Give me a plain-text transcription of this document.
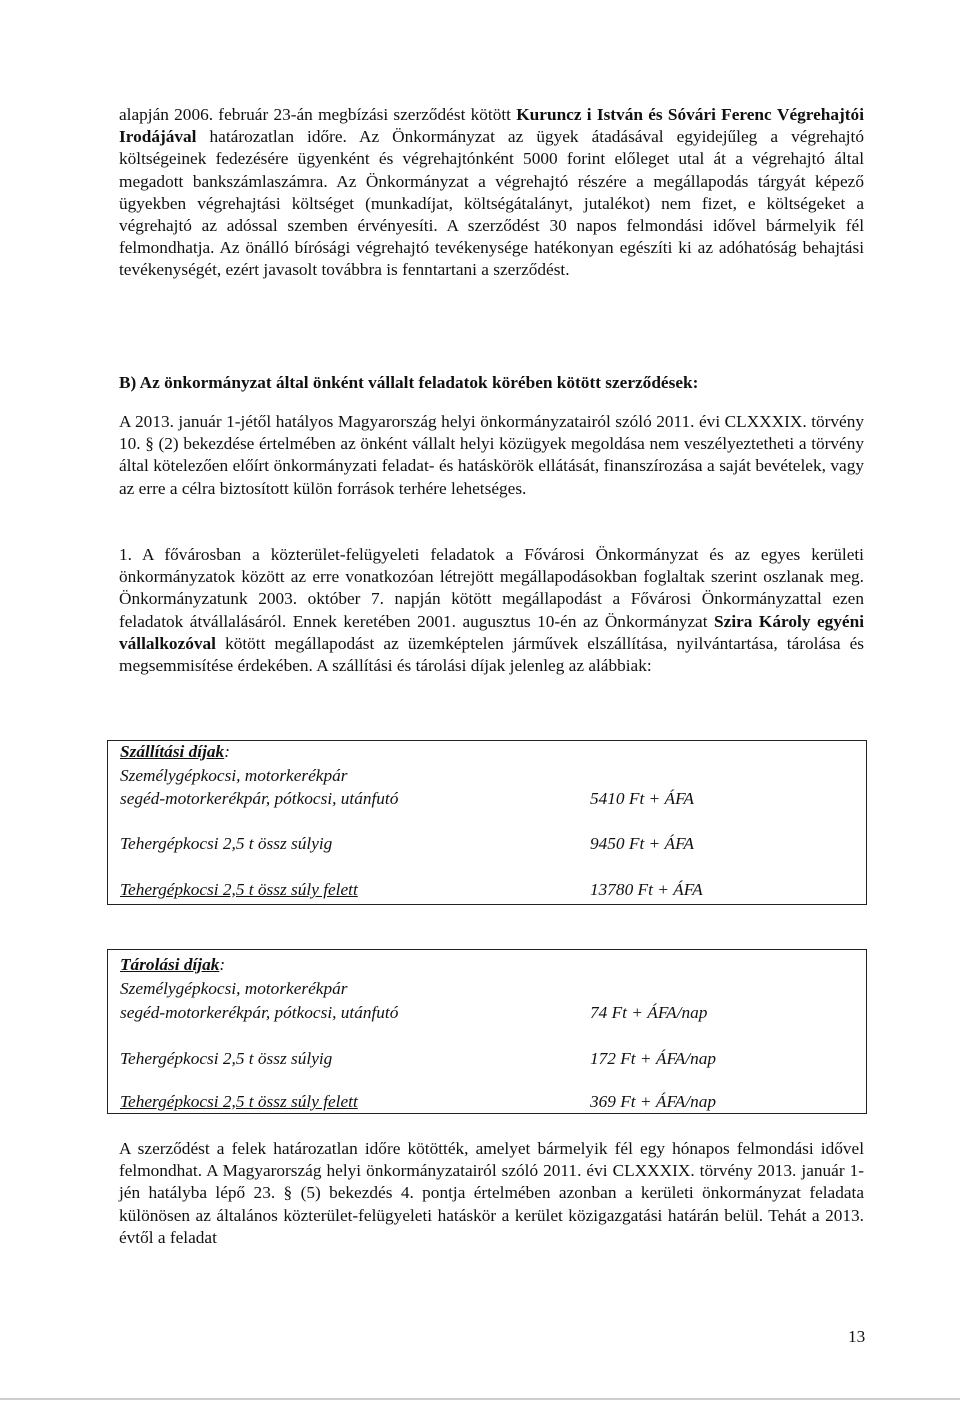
alapján 2006. február 23-án megbízási szerződést kötött Kuruncz i István és Sóvári Ferenc Végrehajtói Irodájával határozatlan időre. Az Önkormányzat az ügyek átadásával egyidejűleg a végrehajtó költségeinek fedezésére ügyenként és végrehajtónként 5000 forint előleget utal át a végrehajtó által megadott bankszámlaszámra. Az Önkormányzat a végrehajtó részére a megállapodás tárgyát képező ügyekben végrehajtási költséget (munkadíjat, költségátalányt, jutalékot) nem fizet, e költségeket a végrehajtó az adóssal szemben érvényesíti. A szerződést 30 napos felmondási idővel bármelyik fél felmondhatja. Az önálló bírósági végrehajtó tevékenysége hatékonyan egészíti ki az adóhatóság behajtási tevékenységét, ezért javasolt továbbra is fenntartani a szerződést.

B) Az önkormányzat által önként vállalt feladatok körében kötött szerződések:

A 2013. január 1-jétől hatályos Magyarország helyi önkormányzatairól szóló 2011. évi CLXXXIX. törvény 10. § (2) bekezdése értelmében az önként vállalt helyi közügyek megoldása nem veszélyeztetheti a törvény által kötelezően előírt önkormányzati feladat- és hatáskörök ellátását, finanszírozása a saját bevételek, vagy az erre a célra biztosított külön források terhére lehetséges.

1. A fővárosban a közterület-felügyeleti feladatok a Fővárosi Önkormányzat és az egyes kerületi önkormányzatok között az erre vonatkozóan létrejött megállapodásokban foglaltak szerint oszlanak meg. Önkormányzatunk 2003. október 7. napján kötött megállapodást a Fővárosi Önkormányzattal ezen feladatok átvállalásáról. Ennek keretében 2001. augusztus 10-én az Önkormányzat Szira Károly egyéni vállalkozóval kötött megállapodást az üzemképtelen járművek elszállítása, nyilvántartása, tárolása és megsemmisítése érdekében. A szállítási és tárolási díjak jelenleg az alábbiak:

Szállítási díjak:
Személygépkocsi, motorkerékpár
segéd-motorkerékpár, pótkocsi, utánfutó	5410 Ft + ÁFA
Tehergépkocsi 2,5 t össz súlyig	9450 Ft + ÁFA
Tehergépkocsi 2,5 t össz súly felett	13780 Ft + ÁFA
Tárolási díjak:
Személygépkocsi, motorkerékpár
segéd-motorkerékpár, pótkocsi, utánfutó	74 Ft + ÁFA/nap
Tehergépkocsi 2,5 t össz súlyig	172 Ft + ÁFA/nap
Tehergépkocsi 2,5 t össz súly felett	369 Ft + ÁFA/nap

A szerződést a felek határozatlan időre kötötték, amelyet bármelyik fél egy hónapos felmondási idővel felmondhat. A Magyarország helyi önkormányzatairól szóló 2011. évi CLXXXIX. törvény 2013. január 1-jén hatályba lépő 23. § (5) bekezdés 4. pontja értelmében azonban a kerületi önkormányzat feladata különösen az általános közterület-felügyeleti hatáskör a kerület közigazgatási határán belül. Tehát a 2013. évtől a feladat

13
